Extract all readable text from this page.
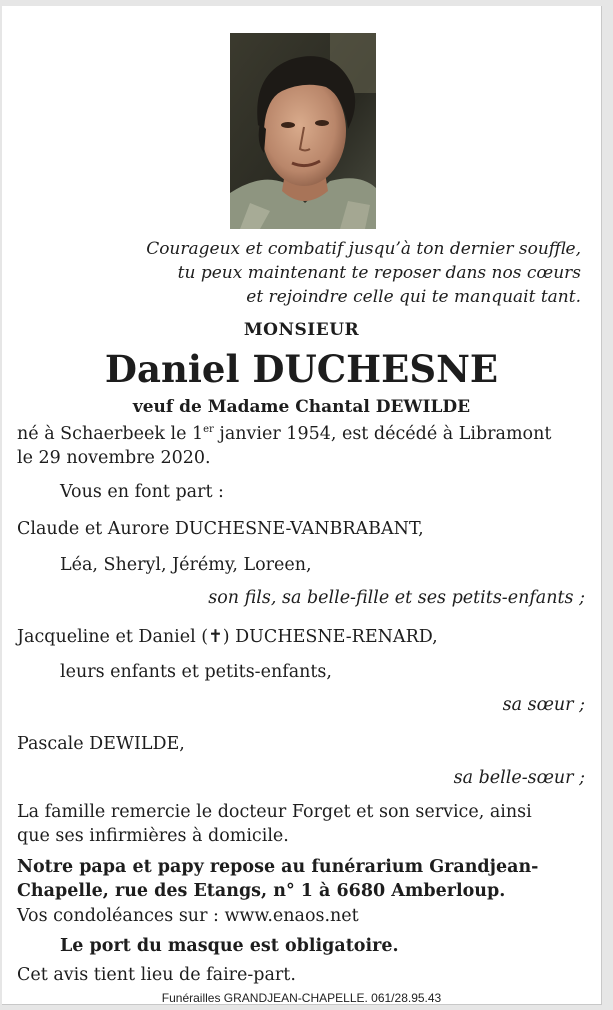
Courageux et combatif jusqu’à ton dernier souffle,
tu peux maintenant te reposer dans nos cœurs
et rejoindre celle qui te manquait tant.
MONSIEUR
Daniel DUCHESNE
veuf de Madame Chantal DEWILDE
né à Schaerbeek le 1er janvier 1954, est décédé à Libramont
le 29 novembre 2020.
Vous en font part :
Claude et Aurore DUCHESNE-VANBRABANT,
Léa, Sheryl, Jérémy, Loreen,
son fils, sa belle-fille et ses petits-enfants ;
Jacqueline et Daniel (✝) DUCHESNE-RENARD,
leurs enfants et petits-enfants,
sa sœur ;
Pascale DEWILDE,
sa belle-sœur ;
La famille remercie le docteur Forget et son service, ainsi
que ses infirmières à domicile.
Notre papa et papy repose au funérarium Grandjean-
Chapelle, rue des Etangs, n° 1 à 6680 Amberloup.
Vos condoléances sur : www.enaos.net
Le port du masque est obligatoire.
Cet avis tient lieu de faire-part.
Funérailles GRANDJEAN-CHAPELLE. 061/28.95.43
